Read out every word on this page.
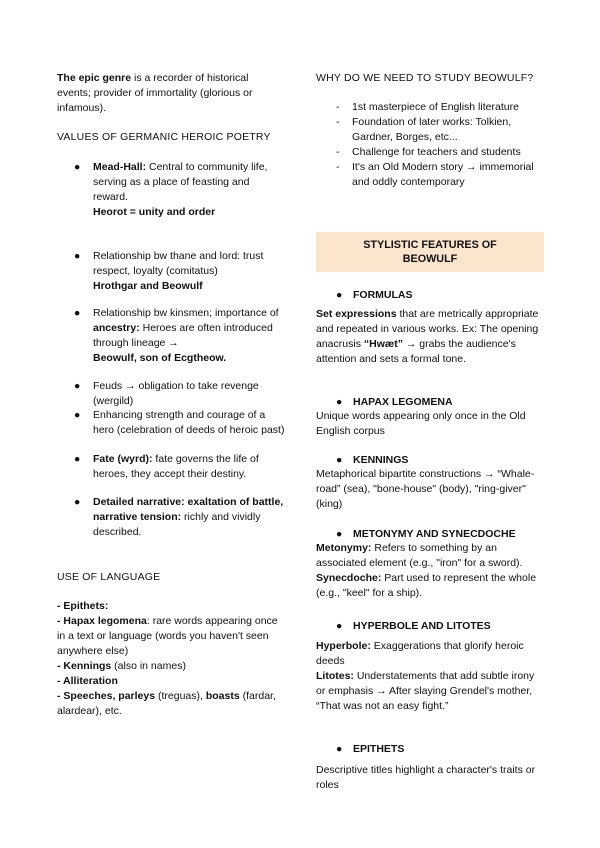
The epic genre is a recorder of historical events; provider of immortality (glorious or infamous).

VALUES OF GERMANIC HEROIC POETRY

● Mead-Hall: Central to community life, serving as a place of feasting and reward.
Heorot = unity and order

● Relationship bw thane and lord: trust respect, loyalty (comitatus)
Hrothgar and Beowulf

● Relationship bw kinsmen; importance of ancestry: Heroes are often introduced through lineage →
Beowulf, son of Ecgtheow.

● Feuds → obligation to take revenge (wergild)

● Enhancing strength and courage of a hero (celebration of deeds of heroic past)

● Fate (wyrd): fate governs the life of heroes, they accept their destiny.

● Detailed narrative: exaltation of battle, narrative tension: richly and vividly described.

USE OF LANGUAGE

- Epithets:
- Hapax legomena: rare words appearing once in a text or language (words you haven't seen anywhere else)
- Kennings (also in names)
- Alliteration
- Speeches, parleys (treguas), boasts (fardar, alardear), etc.

WHY DO WE NEED TO STUDY BEOWULF?

- 1st masterpiece of English literature

- Foundation of later works: Tolkien, Gardner, Borges, etc...

- Challenge for teachers and students

- It's an Old Modern story → immemorial and oddly contemporary

STYLISTIC FEATURES OF BEOWULF

● FORMULAS

Set expressions that are metrically appropriate and repeated in various works. Ex: The opening anacrusis “Hwæt” → grabs the audience's attention and sets a formal tone.

● HAPAX LEGOMENA

Unique words appearing only once in the Old English corpus

● KENNINGS

Metaphorical bipartite constructions → “Whale-road” (sea), "bone-house" (body), "ring-giver" (king)

● METONYMY AND SYNECDOCHE

Metonymy: Refers to something by an associated element (e.g., "iron" for a sword).
Synecdoche: Part used to represent the whole (e.g., "keel" for a ship).

● HYPERBOLE AND LITOTES

Hyperbole: Exaggerations that glorify heroic deeds
Litotes: Understatements that add subtle irony or emphasis → After slaying Grendel's mother, “That was not an easy fight.”

● EPITHETS

Descriptive titles highlight a character's traits or roles
